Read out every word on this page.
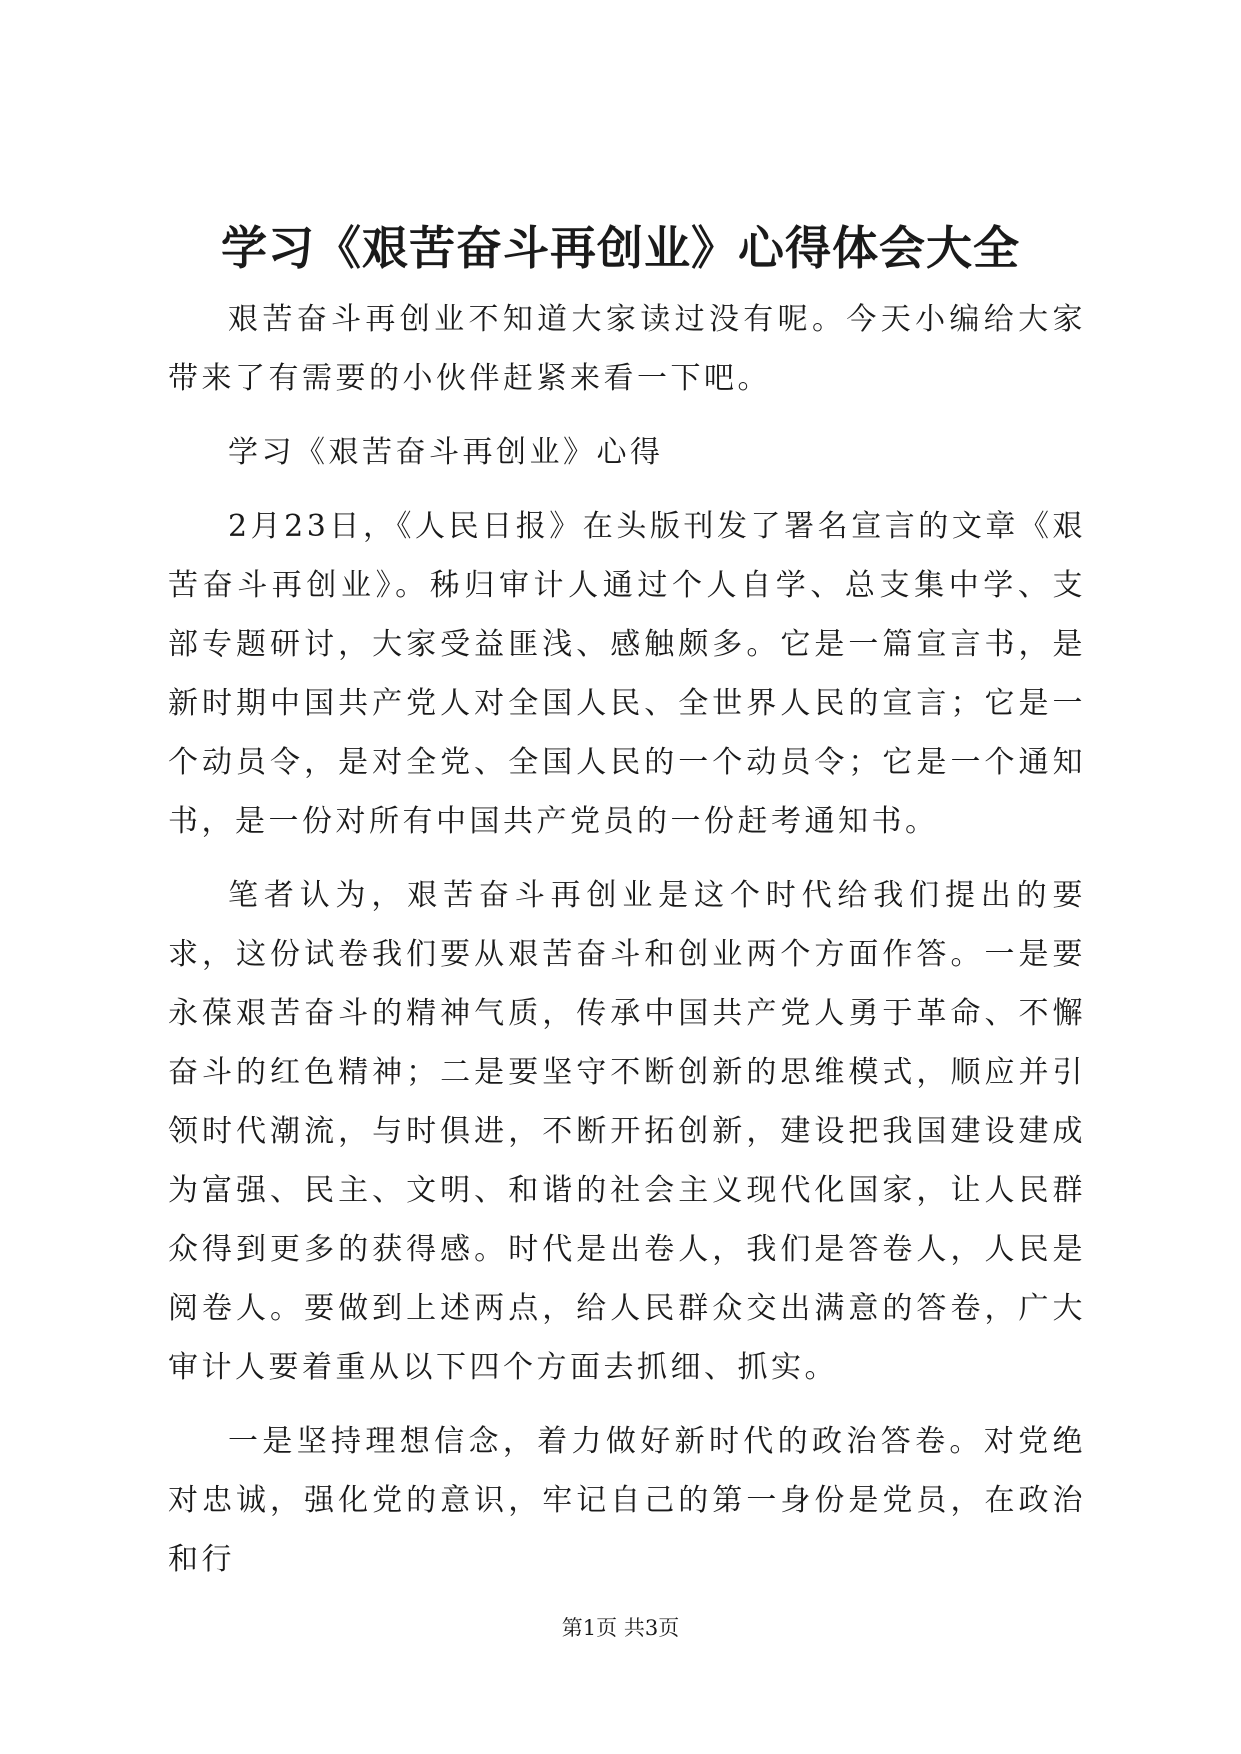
学习《艰苦奋斗再创业》心得体会大全

艰苦奋斗再创业不知道大家读过没有呢。今天小编给大家带来了有需要的小伙伴赶紧来看一下吧。

学习《艰苦奋斗再创业》心得

2月23日，《人民日报》在头版刊发了署名宣言的文章《艰苦奋斗再创业》。秭归审计人通过个人自学、总支集中学、支部专题研讨，大家受益匪浅、感触颇多。它是一篇宣言书，是新时期中国共产党人对全国人民、全世界人民的宣言；它是一个动员令，是对全党、全国人民的一个动员令；它是一个通知书，是一份对所有中国共产党员的一份赶考通知书。

笔者认为，艰苦奋斗再创业是这个时代给我们提出的要求，这份试卷我们要从艰苦奋斗和创业两个方面作答。一是要永葆艰苦奋斗的精神气质，传承中国共产党人勇于革命、不懈奋斗的红色精神；二是要坚守不断创新的思维模式，顺应并引领时代潮流，与时俱进，不断开拓创新，建设把我国建设建成为富强、民主、文明、和谐的社会主义现代化国家，让人民群众得到更多的获得感。时代是出卷人，我们是答卷人，人民是阅卷人。要做到上述两点，给人民群众交出满意的答卷，广大审计人要着重从以下四个方面去抓细、抓实。

一是坚持理想信念，着力做好新时代的政治答卷。对党绝对忠诚，强化党的意识，牢记自己的第一身份是党员，在政治和行

第1页 共3页
